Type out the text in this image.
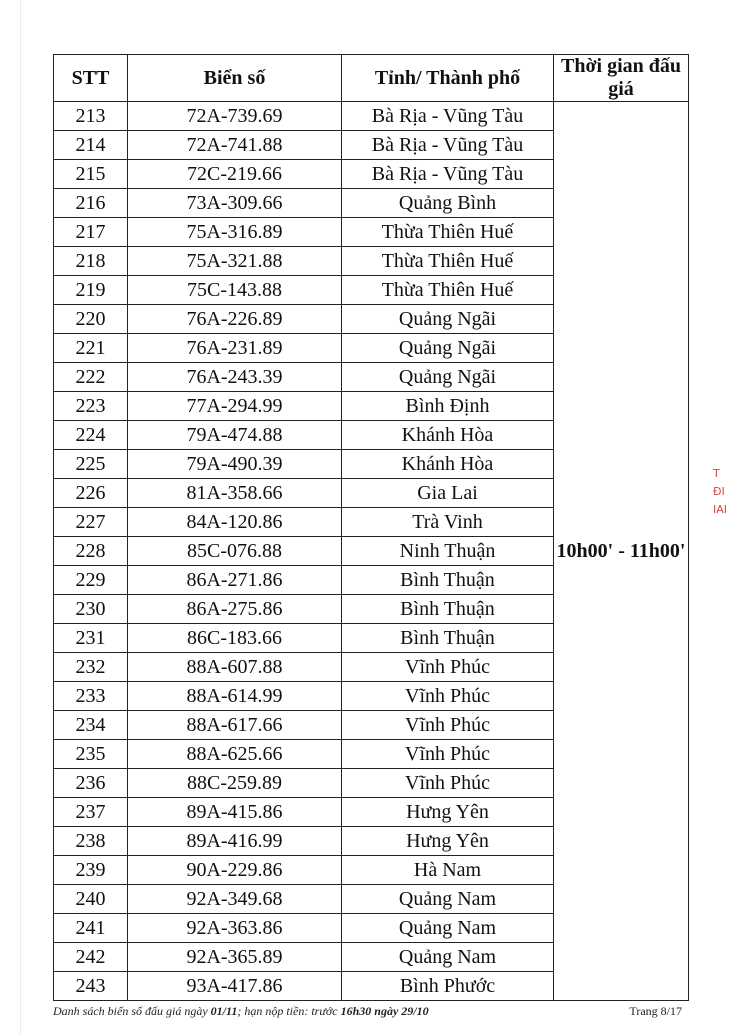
STT	Biển số	Tỉnh/ Thành phố	Thời gian đấu giá
213	72A-739.69	Bà Rịa - Vũng Tàu	10h00' - 11h00'
214	72A-741.88	Bà Rịa - Vũng Tàu	
215	72C-219.66	Bà Rịa - Vũng Tàu	
216	73A-309.66	Quảng Bình	
217	75A-316.89	Thừa Thiên Huế	
218	75A-321.88	Thừa Thiên Huế	
219	75C-143.88	Thừa Thiên Huế	
220	76A-226.89	Quảng Ngãi	
221	76A-231.89	Quảng Ngãi	
222	76A-243.39	Quảng Ngãi	
223	77A-294.99	Bình Định	
224	79A-474.88	Khánh Hòa	
225	79A-490.39	Khánh Hòa	
226	81A-358.66	Gia Lai	
227	84A-120.86	Trà Vinh	
228	85C-076.88	Ninh Thuận	
229	86A-271.86	Bình Thuận	
230	86A-275.86	Bình Thuận	
231	86C-183.66	Bình Thuận	
232	88A-607.88	Vĩnh Phúc	
233	88A-614.99	Vĩnh Phúc	
234	88A-617.66	Vĩnh Phúc	
235	88A-625.66	Vĩnh Phúc	
236	88C-259.89	Vĩnh Phúc	
237	89A-415.86	Hưng Yên	
238	89A-416.99	Hưng Yên	
239	90A-229.86	Hà Nam	
240	92A-349.68	Quảng Nam	
241	92A-363.86	Quảng Nam	
242	92A-365.89	Quảng Nam	
243	93A-417.86	Bình Phước	
Danh sách biển số đấu giá ngày 01/11; hạn nộp tiền: trước 16h30 ngày 29/10	Trang 8/17
T
ĐI
IAI
